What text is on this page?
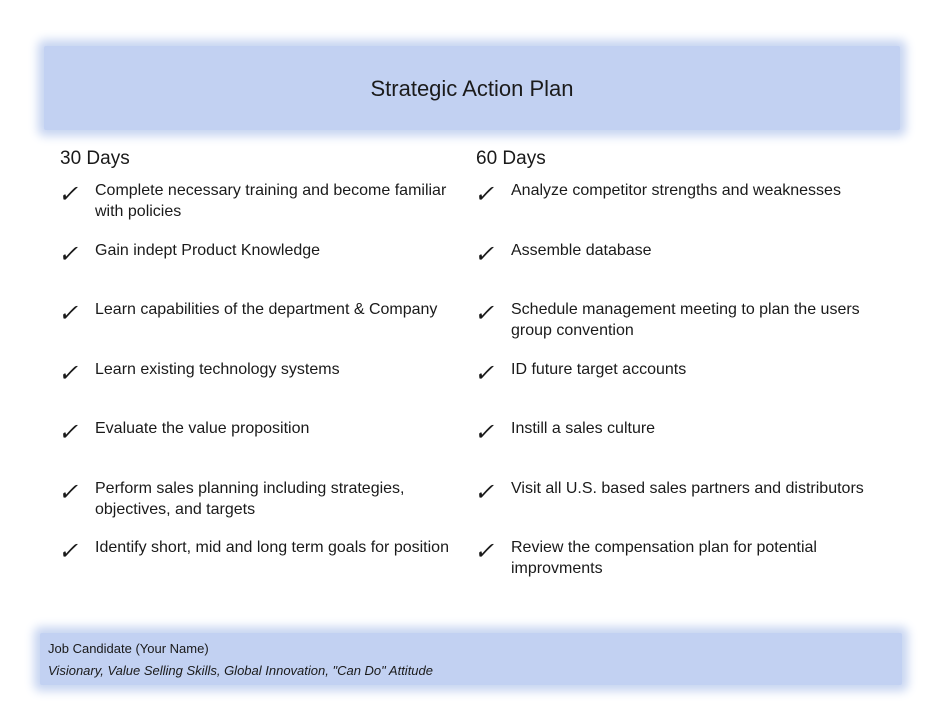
Strategic Action Plan
30 Days
✓ Complete necessary training and become familiar with policies
✓ Gain indept Product Knowledge
✓ Learn capabilities of the department & Company
✓ Learn existing technology systems
✓ Evaluate the value proposition
✓ Perform sales planning including strategies, objectives, and targets
✓ Identify short, mid and long term goals for position
60 Days
✓ Analyze competitor strengths and weaknesses
✓ Assemble database
✓ Schedule management meeting to plan the users group convention
✓ ID future target accounts
✓ Instill a sales culture
✓ Visit all U.S. based sales partners and distributors
✓ Review the compensation plan for potential improvments
Job Candidate (Your Name)
Visionary, Value Selling Skills, Global Innovation, "Can Do" Attitude
